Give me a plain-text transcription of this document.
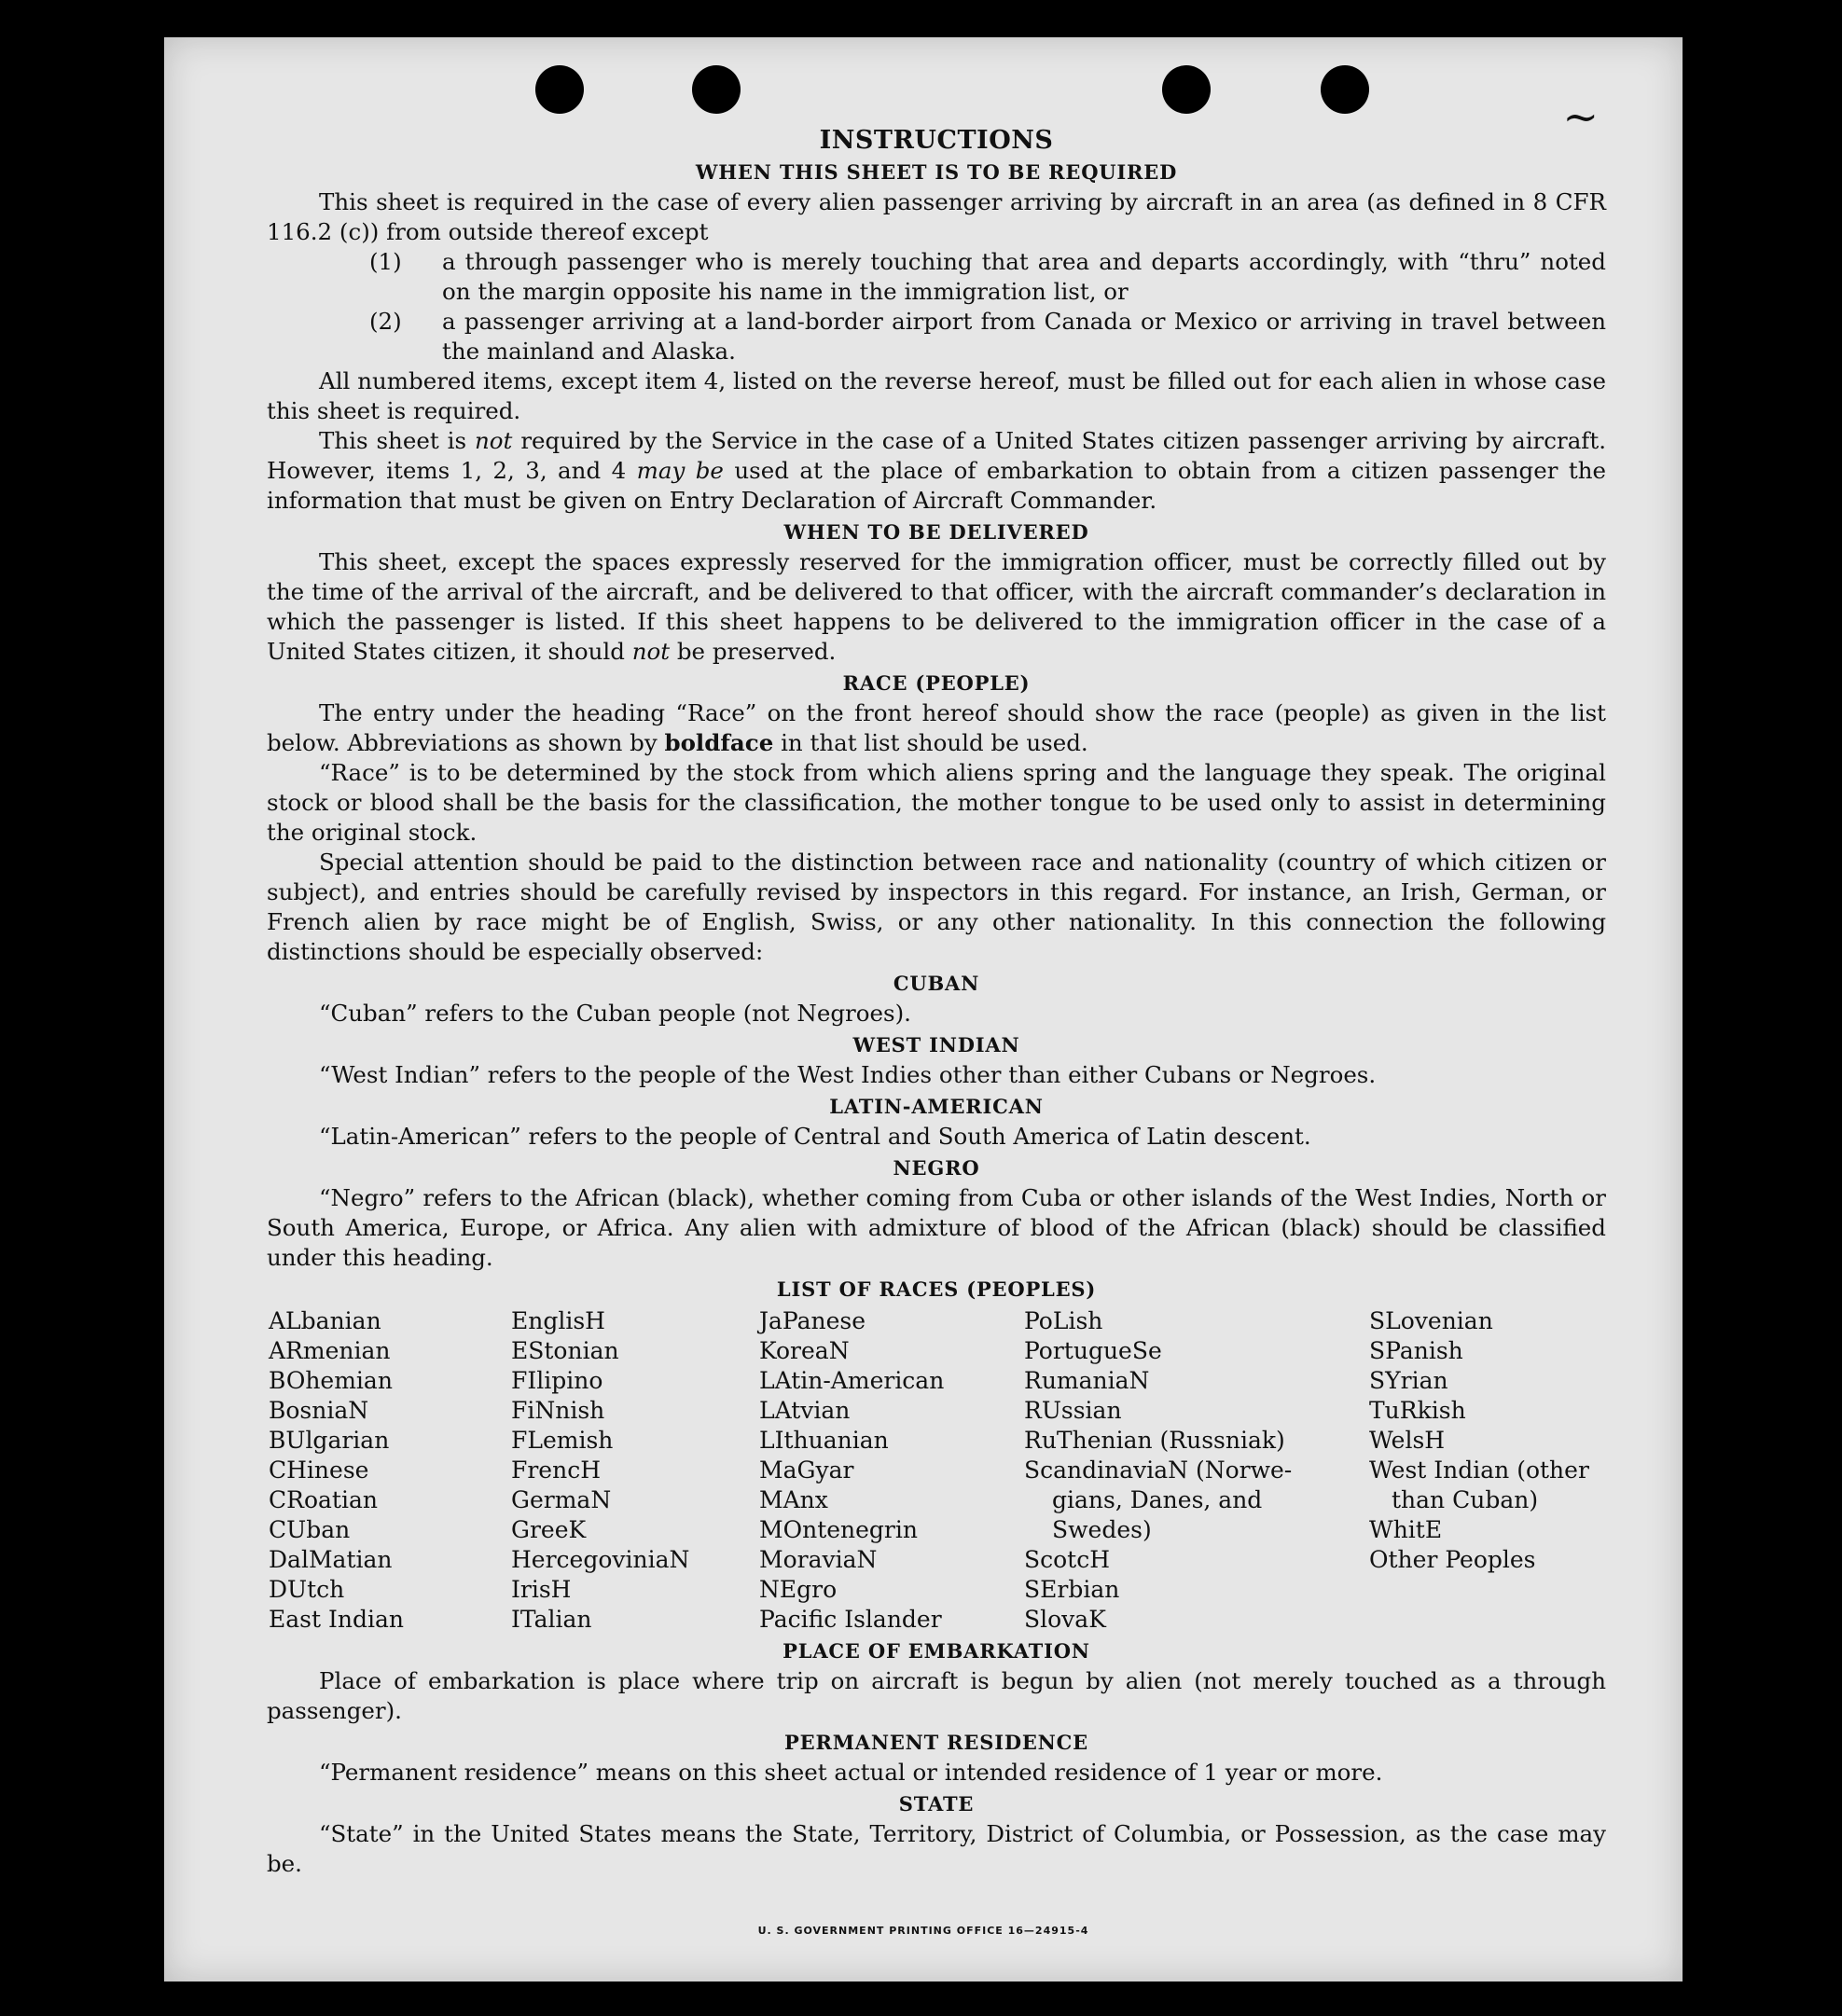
~
INSTRUCTIONS
WHEN THIS SHEET IS TO BE REQUIRED

This sheet is required in the case of every alien passenger arriving by aircraft in an area (as defined in 8 CFR 116.2 (c)) from outside thereof except

(1)	a through passenger who is merely touching that area and departs accordingly, with “thru” noted on the margin opposite his name in the immigration list, or
(2)	a passenger arriving at a land-border airport from Canada or Mexico or arriving in travel between the mainland and Alaska.

All numbered items, except item 4, listed on the reverse hereof, must be filled out for each alien in whose case this sheet is required.

This sheet is not required by the Service in the case of a United States citizen passenger arriving by aircraft. However, items 1, 2, 3, and 4 may be used at the place of embarkation to obtain from a citizen passenger the information that must be given on Entry Declaration of Aircraft Commander.

WHEN TO BE DELIVERED

This sheet, except the spaces expressly reserved for the immigration officer, must be correctly filled out by the time of the arrival of the aircraft, and be delivered to that officer, with the aircraft commander’s declaration in which the passenger is listed. If this sheet happens to be delivered to the immigration officer in the case of a United States citizen, it should not be preserved.

RACE (PEOPLE)

The entry under the heading “Race” on the front hereof should show the race (people) as given in the list below. Abbreviations as shown by boldface in that list should be used.

“Race” is to be determined by the stock from which aliens spring and the language they speak. The original stock or blood shall be the basis for the classification, the mother tongue to be used only to assist in determining the original stock.

Special attention should be paid to the distinction between race and nationality (country of which citizen or subject), and entries should be carefully revised by inspectors in this regard. For instance, an Irish, German, or French alien by race might be of English, Swiss, or any other nationality. In this connection the following distinctions should be especially observed:

CUBAN

“Cuban” refers to the Cuban people (not Negroes).

WEST INDIAN

“West Indian” refers to the people of the West Indies other than either Cubans or Negroes.

LATIN-AMERICAN

“Latin-American” refers to the people of Central and South America of Latin descent.

NEGRO

“Negro” refers to the African (black), whether coming from Cuba or other islands of the West Indies, North or South America, Europe, or Africa. Any alien with admixture of blood of the African (black) should be classified under this heading.

LIST OF RACES (PEOPLES)
ALbanian
ARmenian
BOhemian
BosniaN
BUlgarian
CHinese
CRoatian
CUban
DalMatian
DUtch
East Indian
EnglisH
EStonian
FIlipino
FiNnish
FLemish
FrencH
GermaN
GreeK
HercegoviniaN
IrisH
ITalian
JaPanese
KoreaN
LAtin-American
LAtvian
LIthuanian
MaGyar
MAnx
MOntenegrin
MoraviaN
NEgro
Pacific Islander
PoLish
PortugueSe
RumaniaN
RUssian
RuThenian (Russniak)
ScandinaviaN (Norwe-
gians, Danes, and
Swedes)
ScotcH
SErbian
SlovaK
SLovenian
SPanish
SYrian
TuRkish
WelsH
West Indian (other
than Cuban)
WhitE
Other Peoples
PLACE OF EMBARKATION

Place of embarkation is place where trip on aircraft is begun by alien (not merely touched as a through passenger).

PERMANENT RESIDENCE

“Permanent residence” means on this sheet actual or intended residence of 1 year or more.

STATE

“State” in the United States means the State, Territory, District of Columbia, or Possession, as the case may be.

U. S. GOVERNMENT PRINTING OFFICE 16—24915-4
